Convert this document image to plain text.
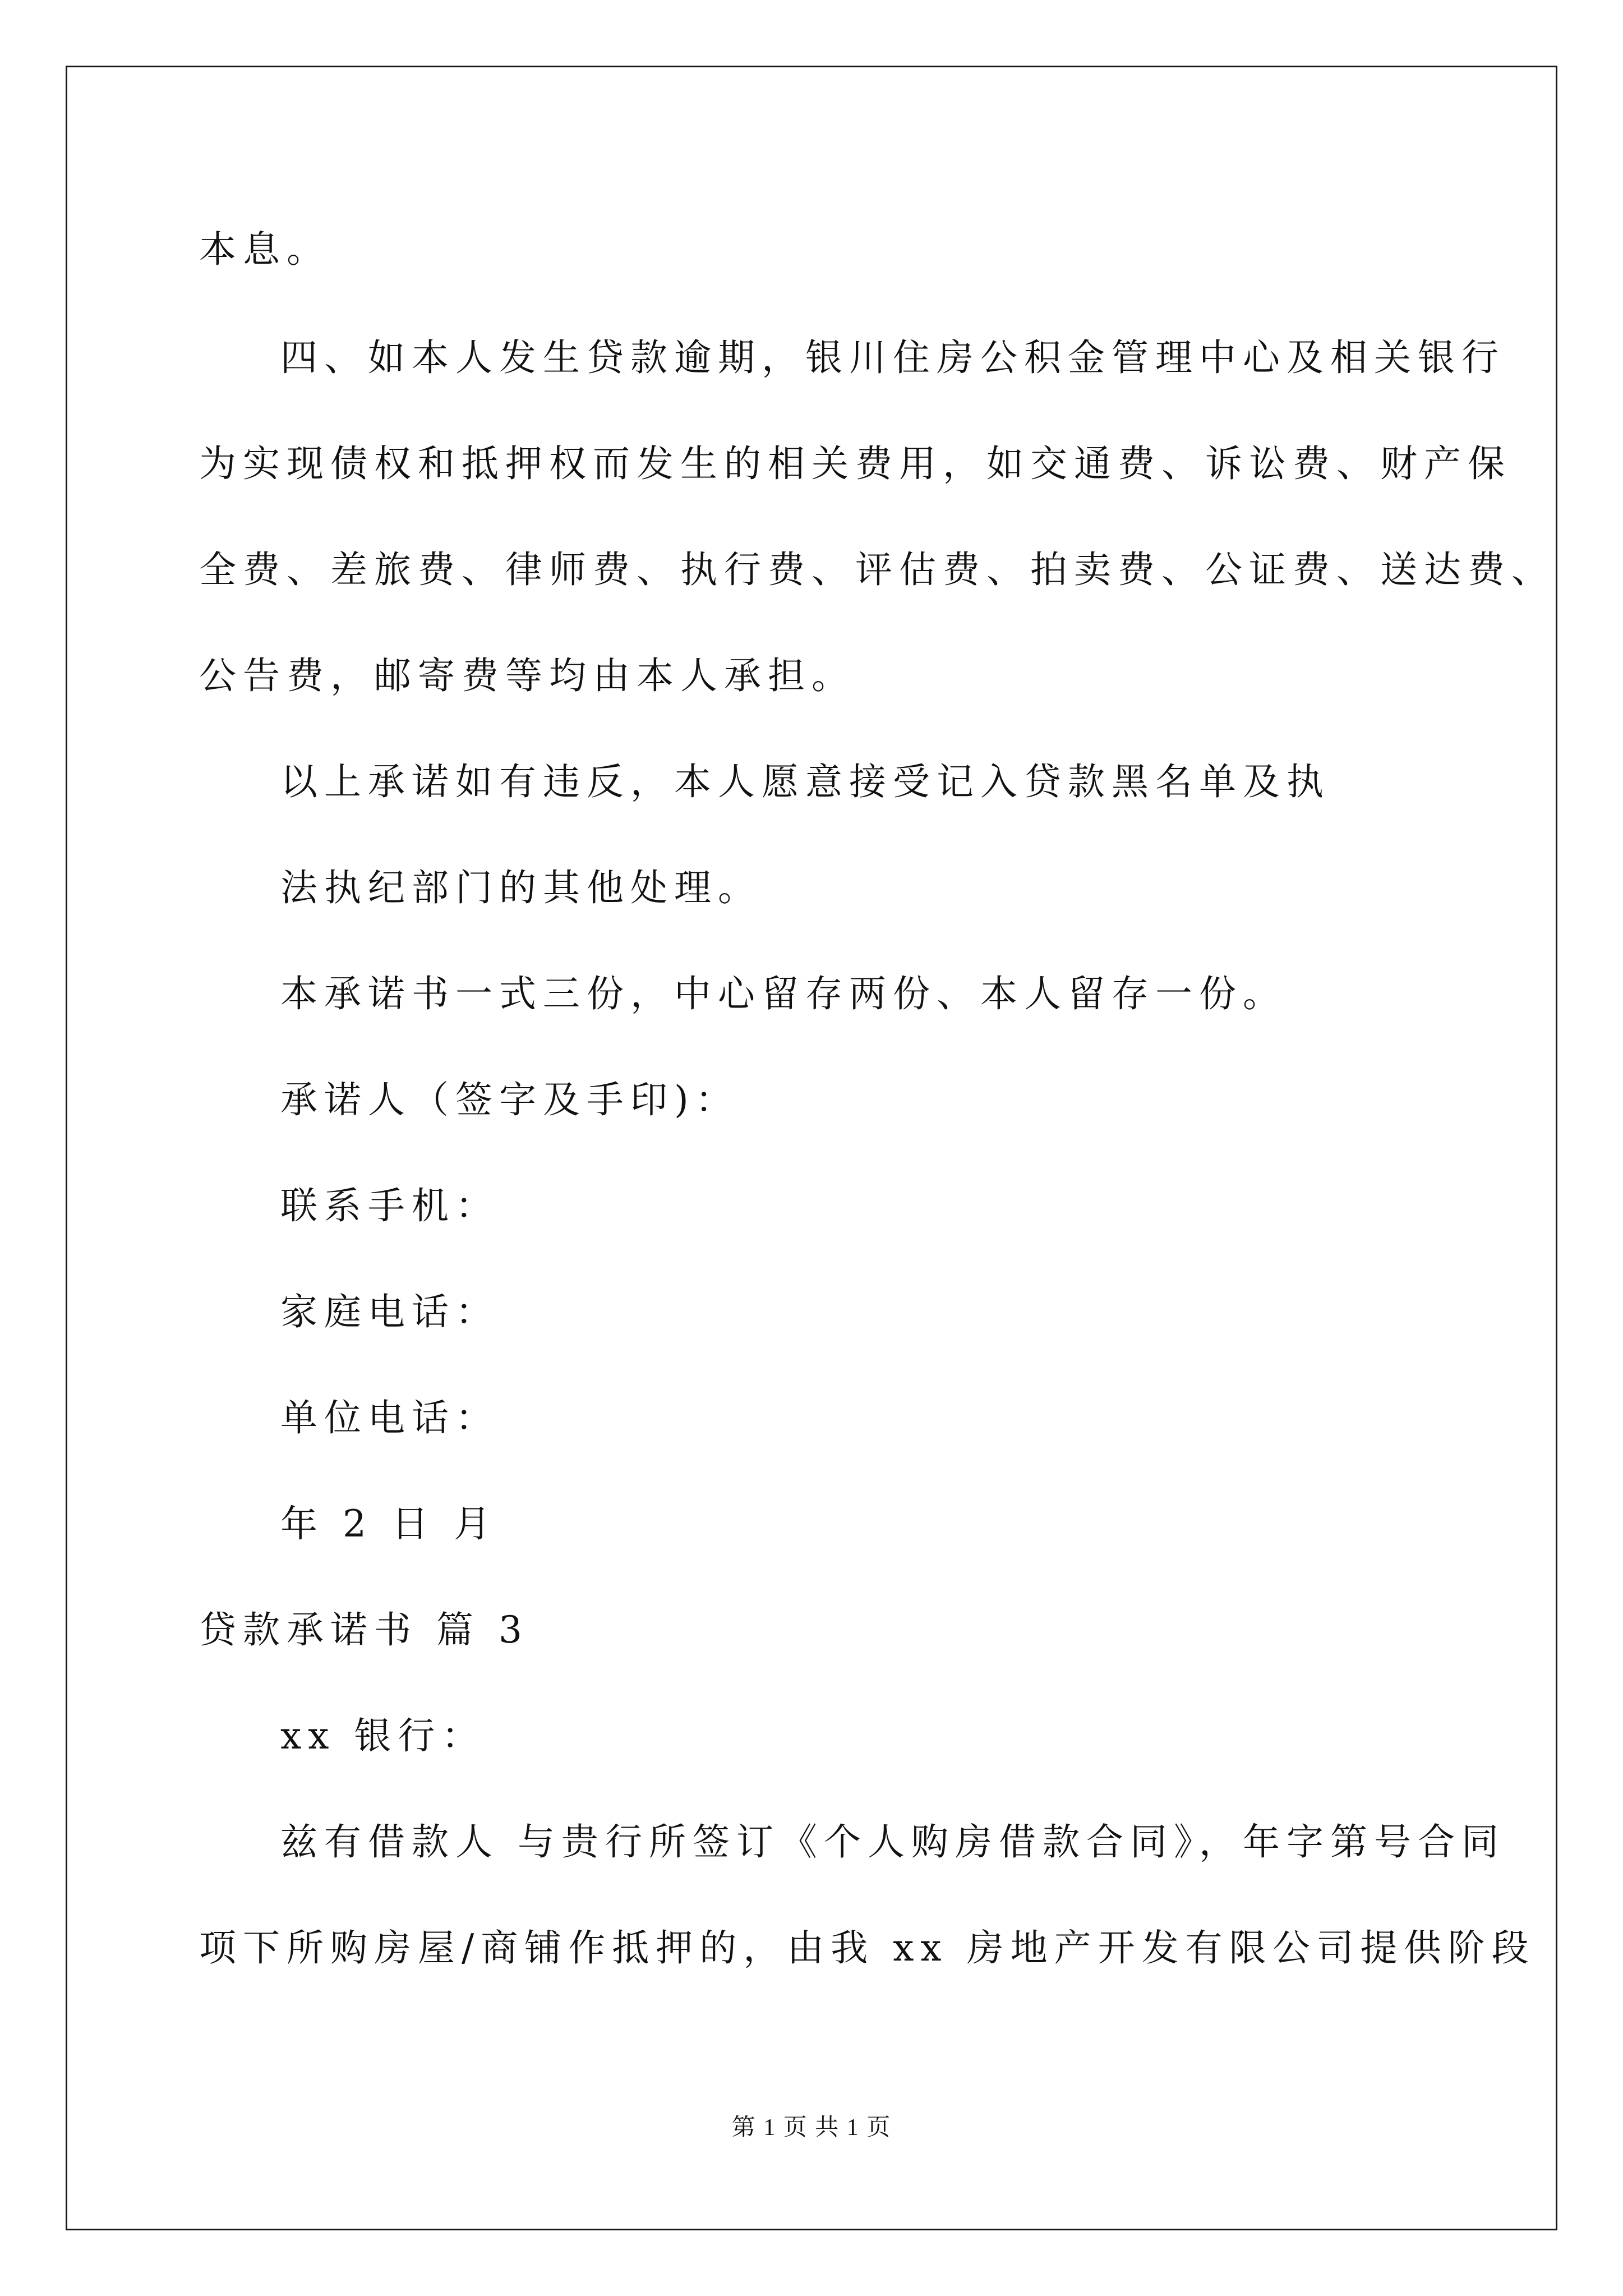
本息。

四、如本人发生贷款逾期，银川住房公积金管理中心及相关银行

为实现债权和抵押权而发生的相关费用，如交通费、诉讼费、财产保

全费、差旅费、律师费、执行费、评估费、拍卖费、公证费、送达费、

公告费，邮寄费等均由本人承担。

以上承诺如有违反，本人愿意接受记入贷款黑名单及执

法执纪部门的其他处理。

本承诺书一式三份，中心留存两份、本人留存一份。

承诺人（签字及手印)：

联系手机：

家庭电话：

单位电话：

年 2 日 月

贷款承诺书 篇 3

xx 银行：

兹有借款人 与贵行所签订《个人购房借款合同》，年字第号合同

项下所购房屋/商铺作抵押的，由我 xx 房地产开发有限公司提供阶段

第 1 页 共 1 页
